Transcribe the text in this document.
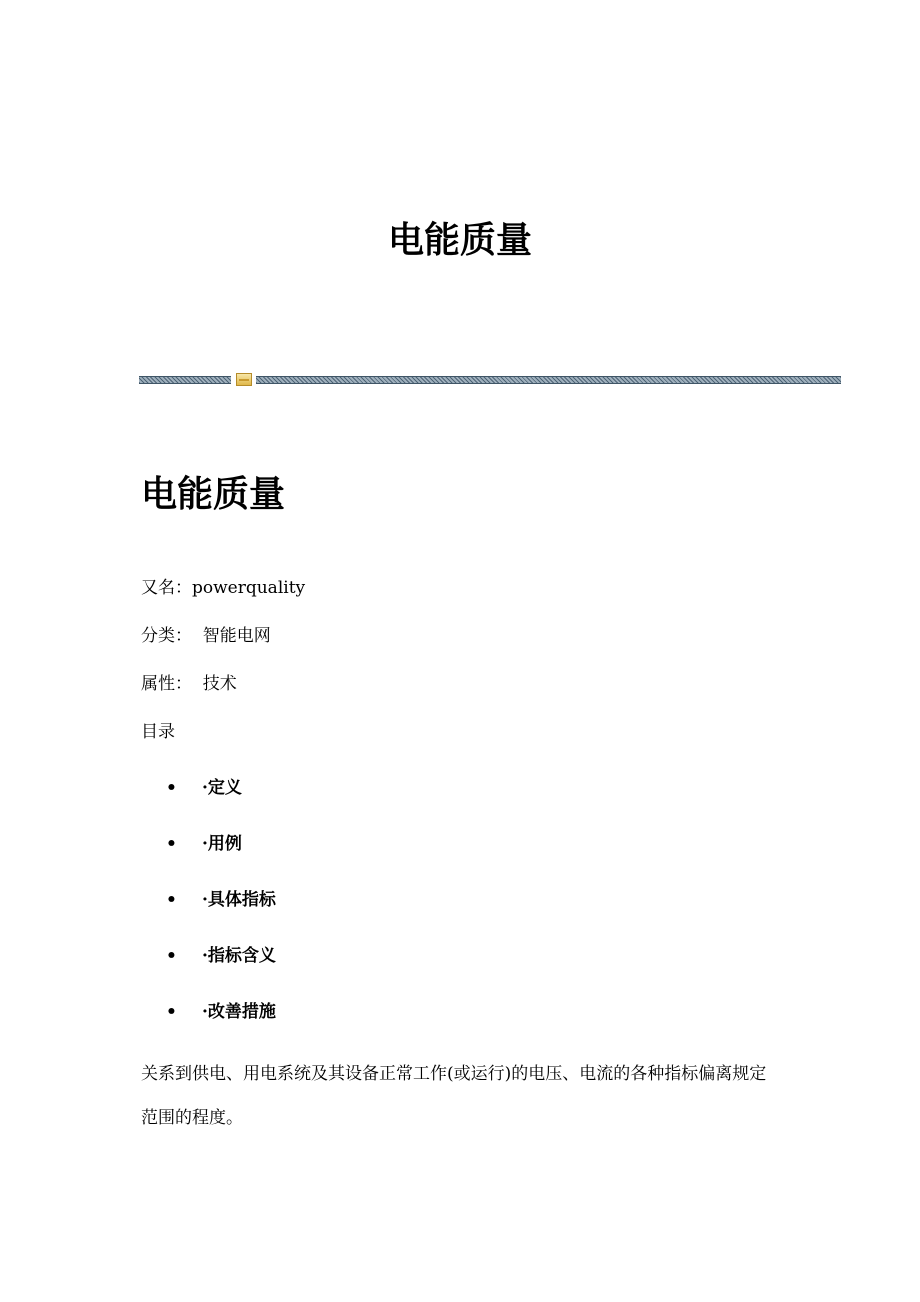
电能质量
电能质量

又名：powerquality

分类：  智能电网

属性：  技术

目录

•	·定义
•	·用例
•	·具体指标
•	·指标含义
•	·改善措施

关系到供电、用电系统及其设备正常工作(或运行)的电压、电流的各种指标偏离规定范围的程度。
